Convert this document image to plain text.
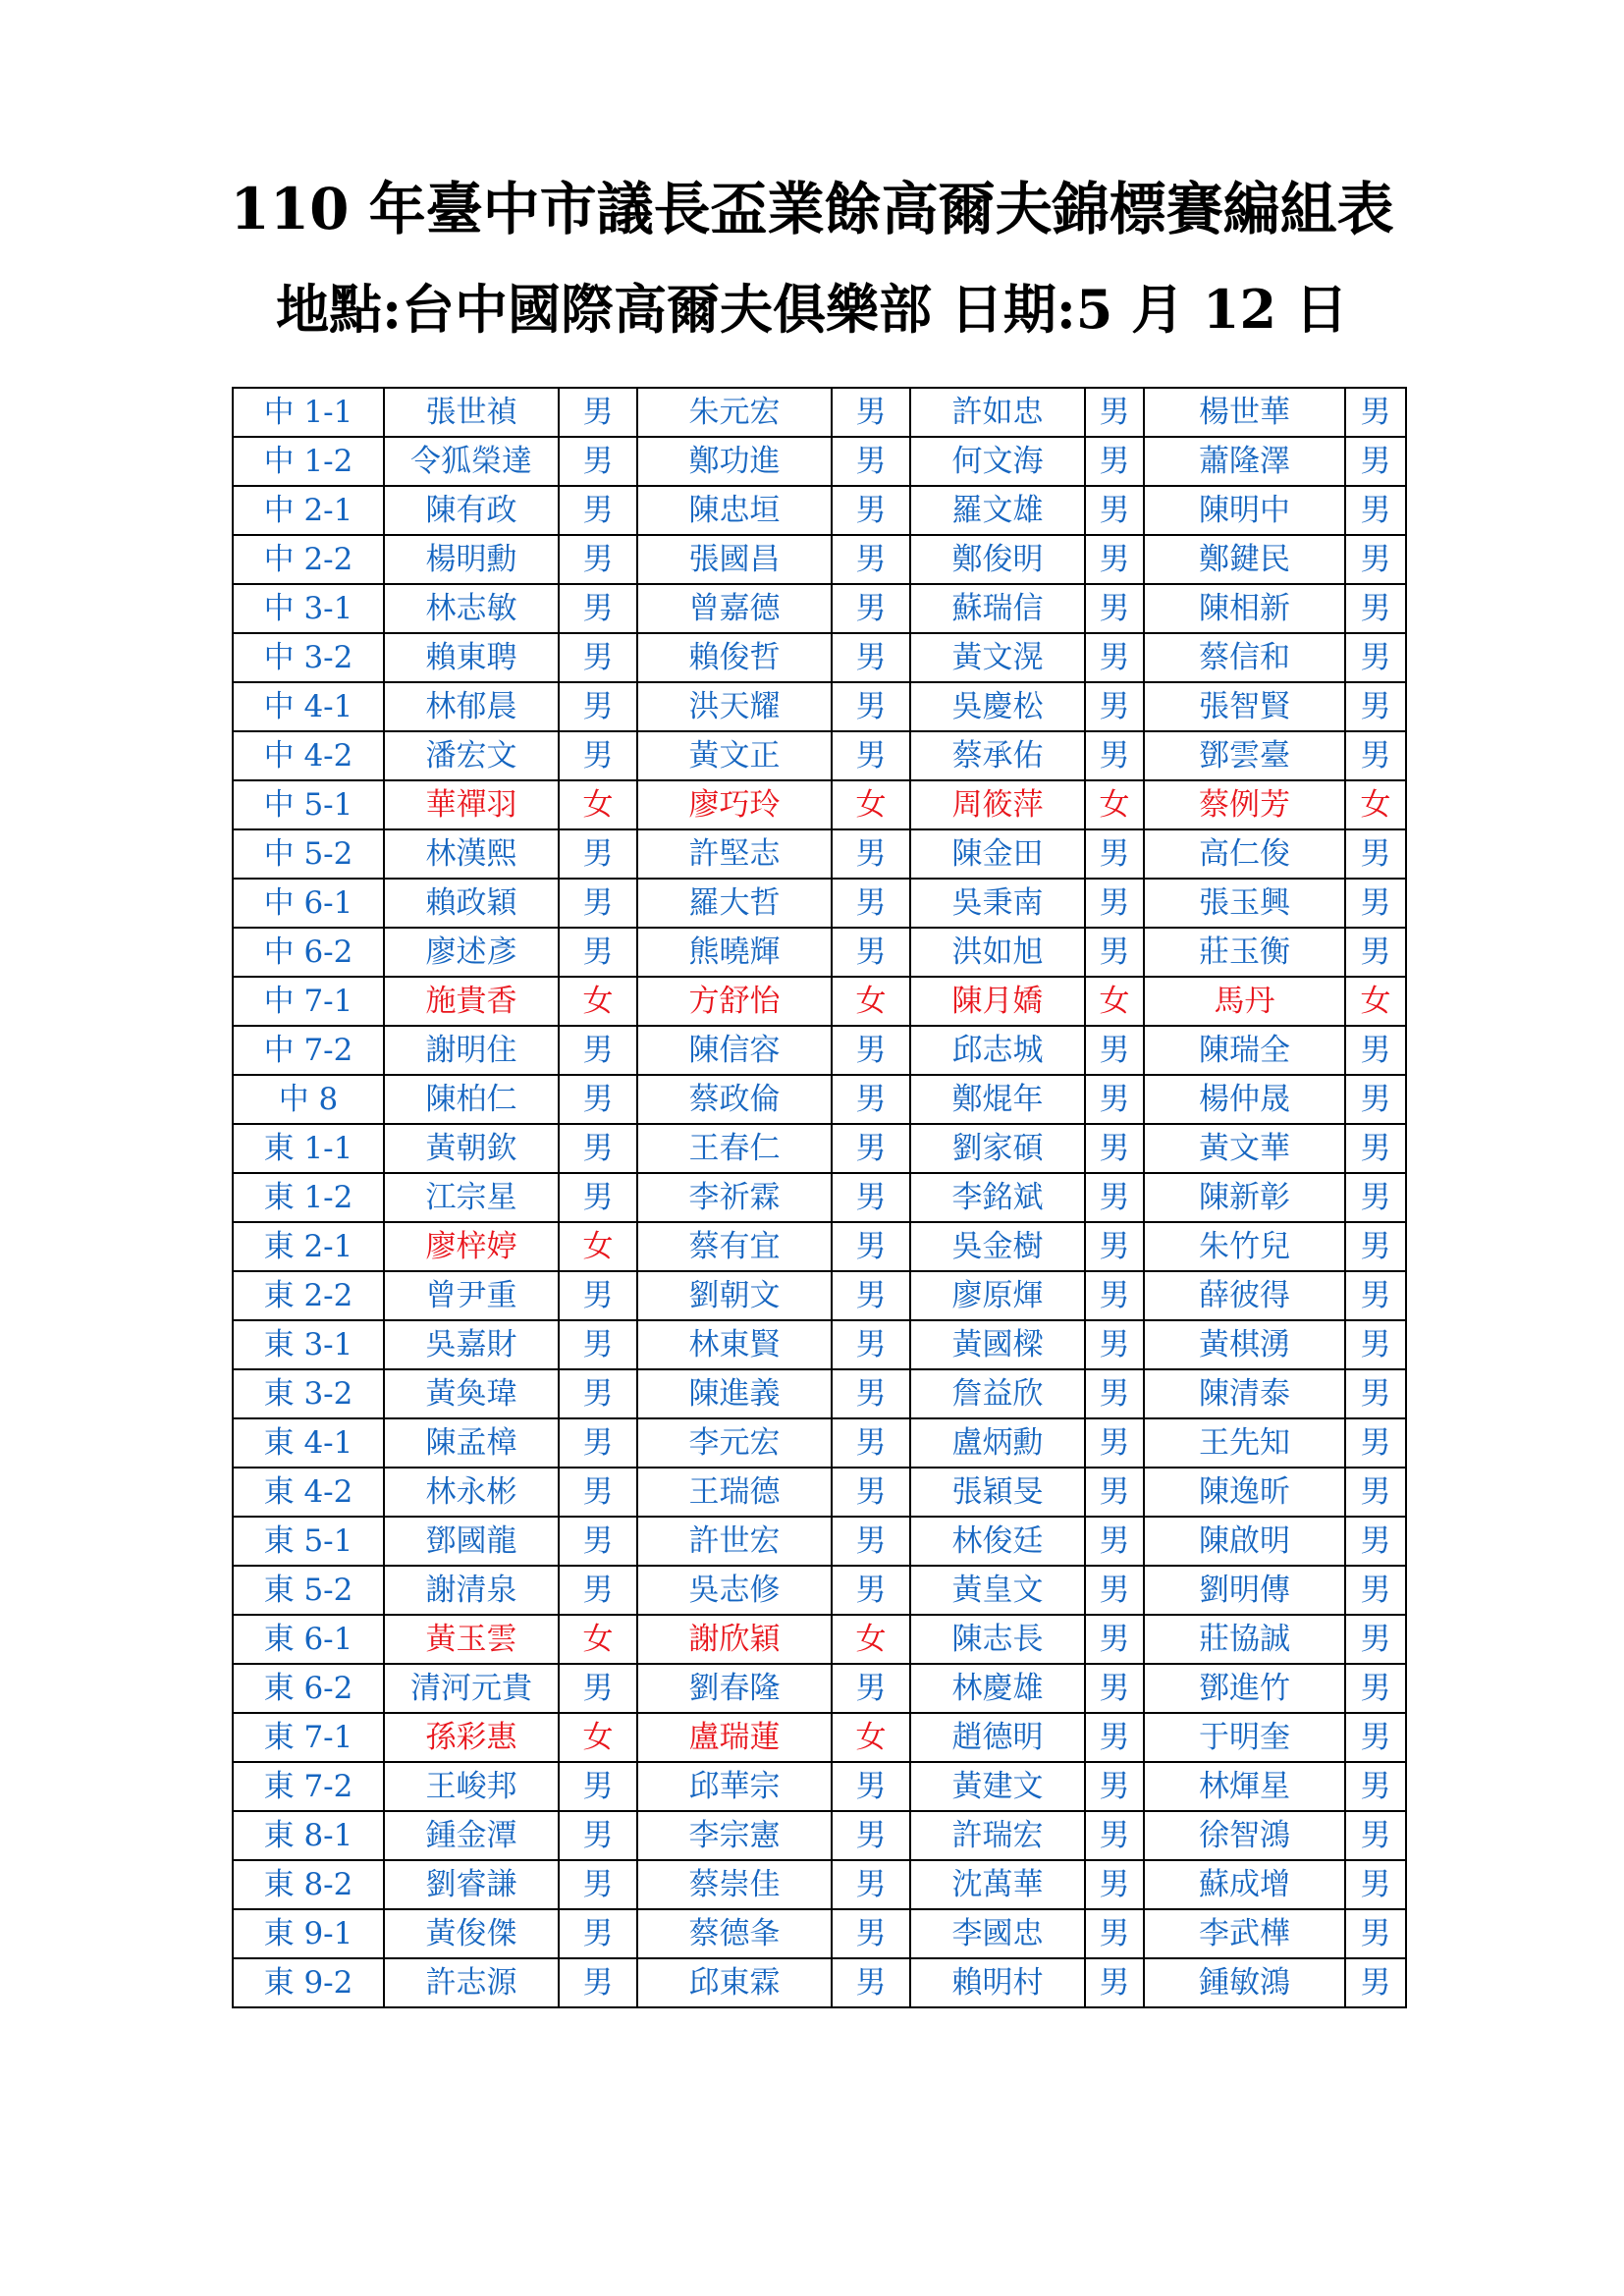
110 年臺中市議長盃業餘高爾夫錦標賽編組表
地點:台中國際高爾夫俱樂部 日期:5 月 12 日
中 1-1	張世禎	男	朱元宏	男	許如忠	男	楊世華	男
中 1-2	令狐榮達	男	鄭功進	男	何文海	男	蕭隆澤	男
中 2-1	陳有政	男	陳忠垣	男	羅文雄	男	陳明中	男
中 2-2	楊明勳	男	張國昌	男	鄭俊明	男	鄭鍵民	男
中 3-1	林志敏	男	曾嘉德	男	蘇瑞信	男	陳相新	男
中 3-2	賴東聘	男	賴俊哲	男	黃文滉	男	蔡信和	男
中 4-1	林郁晨	男	洪天耀	男	吳慶松	男	張智賢	男
中 4-2	潘宏文	男	黃文正	男	蔡承佑	男	鄧雲臺	男
中 5-1	華禪羽	女	廖巧玲	女	周筱萍	女	蔡例芳	女
中 5-2	林漢熙	男	許堅志	男	陳金田	男	高仁俊	男
中 6-1	賴政穎	男	羅大哲	男	吳秉南	男	張玉興	男
中 6-2	廖述彥	男	熊曉輝	男	洪如旭	男	莊玉衡	男
中 7-1	施貴香	女	方舒怡	女	陳月嬌	女	馬丹	女
中 7-2	謝明住	男	陳信容	男	邱志城	男	陳瑞全	男
中 8	陳柏仁	男	蔡政倫	男	鄭焜年	男	楊仲晟	男
東 1-1	黃朝欽	男	王春仁	男	劉家碩	男	黃文華	男
東 1-2	江宗星	男	李祈霖	男	李銘斌	男	陳新彰	男
東 2-1	廖梓婷	女	蔡有宜	男	吳金樹	男	朱竹兒	男
東 2-2	曾尹重	男	劉朝文	男	廖原煇	男	薛彼得	男
東 3-1	吳嘉財	男	林東賢	男	黃國樑	男	黃棋湧	男
東 3-2	黃奐瑋	男	陳進義	男	詹益欣	男	陳清泰	男
東 4-1	陳孟樟	男	李元宏	男	盧炳勳	男	王先知	男
東 4-2	林永彬	男	王瑞德	男	張穎旻	男	陳逸昕	男
東 5-1	鄧國龍	男	許世宏	男	林俊廷	男	陳啟明	男
東 5-2	謝清泉	男	吳志修	男	黃皇文	男	劉明傳	男
東 6-1	黃玉雲	女	謝欣穎	女	陳志長	男	莊協誠	男
東 6-2	清河元貴	男	劉春隆	男	林慶雄	男	鄧進竹	男
東 7-1	孫彩惠	女	盧瑞蓮	女	趙德明	男	于明奎	男
東 7-2	王峻邦	男	邱華宗	男	黃建文	男	林煇星	男
東 8-1	鍾金潭	男	李宗憲	男	許瑞宏	男	徐智鴻	男
東 8-2	劉睿謙	男	蔡崇佳	男	沈萬華	男	蘇成增	男
東 9-1	黃俊傑	男	蔡德夆	男	李國忠	男	李武樺	男
東 9-2	許志源	男	邱東霖	男	賴明村	男	鍾敏鴻	男
